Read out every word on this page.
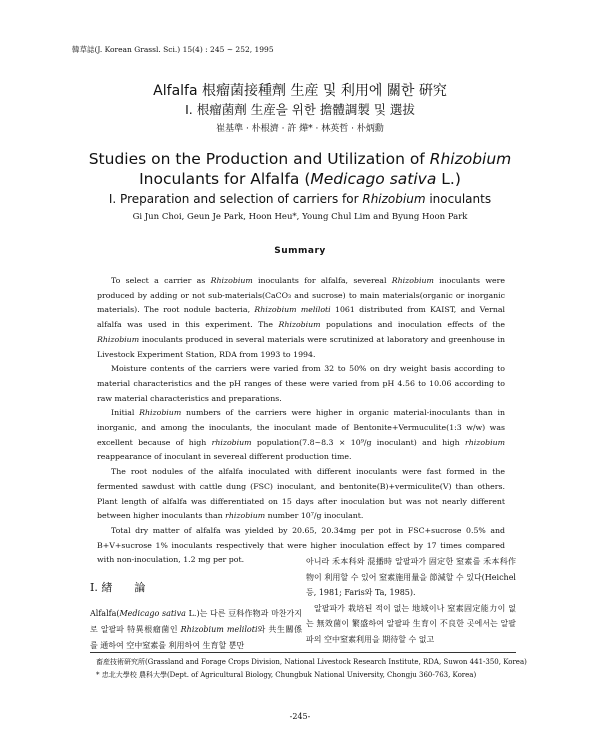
韓草誌(J. Korean Grassl. Sci.) 15(4) : 245 ~ 252, 1995
Alfalfa 根瘤菌接種劑 生産 및 利用에 關한 硏究
Ⅰ. 根瘤菌劑 生産을 위한 擔體調製 및 選拔
崔基準 · 朴根濟 · 許 燁* · 林英哲 · 朴炳勳
Studies on the Production and Utilization of Rhizobium
Inoculants for Alfalfa (Medicago sativa L.)
Ⅰ. Preparation and selection of carriers for Rhizobium inoculants
Gi Jun Choi, Geun Je Park, Hoon Heu*, Young Chul Lim and Byung Hoon Park
Summary

To select a carrier as Rhizobium inoculants for alfalfa, severeal Rhizobium inoculants were produced by adding or not sub-materials(CaCO₃ and sucrose) to main materials(organic or inorganic materials). The root nodule bacteria, Rhizobium meliloti 1061 distributed from KAIST, and Vernal alfalfa was used in this experiment. The Rhizobium populations and inoculation effects of the Rhizobium inoculants produced in several materials were scrutinized at laboratory and greenhouse in Livestock Experiment Station, RDA from 1993 to 1994.

Moisture contents of the carriers were varied from 32 to 50% on dry weight basis according to material characteristics and the pH ranges of these were varied from pH 4.56 to 10.06 according to raw material characteristics and preparations.

Initial Rhizobium numbers of the carriers were higher in organic material-inoculants than in inorganic, and among the inoculants, the inoculant made of Bentonite+Vermuculite(1:3 w/w) was excellent because of high rhizobium population(7.8~8.3 × 10⁹/g inoculant) and high rhizobium reappearance of inoculant in severeal different production time.

The root nodules of the alfalfa inoculated with different inoculants were fast formed in the fermented sawdust with cattle dung (FSC) inoculant, and bentonite(B)+vermiculite(V) than others. Plant length of alfalfa was differentiated on 15 days after inoculation but was not nearly different between higher inoculants than rhizobium number 10⁷/g inoculant.

Total dry matter of alfalfa was yielded by 20.65, 20.34mg per pot in FSC+sucrose 0.5% and B+V+sucrose 1% inoculants respectively that were higher inoculation effect by 17 times compared with non-inoculation, 1.2 mg per pot.

Ⅰ. 緖　　論

Alfalfa(Medicago sativa L.)는 다른 豆科作物과 마찬가지로 알팔파 特異根瘤菌인 Rhizobium meliloti와 共生關係를 通하여 空中窒素를 利用하여 生育할 뿐만

아니라 禾本科와 混播時 알팔파가 固定한 窒素를 禾本科作物이 利用할 수 있어 窒素施用量을 節減할 수 있다(Heichel 등, 1981; Faris와 Ta, 1985).

알팔파가 栽培된 적이 없는 地域이나 窒素固定能力이 없는 無效菌이 繁盛하여 알팔파 生育이 不良한 곳에서는 알팔파의 空中窒素利用을 期待할 수 없고

畜産技術硏究所(Grassland and Forage Crops Division, National Livestock Research Institute, RDA, Suwon 441-350, Korea)
* 忠北大學校 農科大學(Dept. of Agricultural Biology, Chungbuk National University, Chongju 360-763, Korea)
-245-
